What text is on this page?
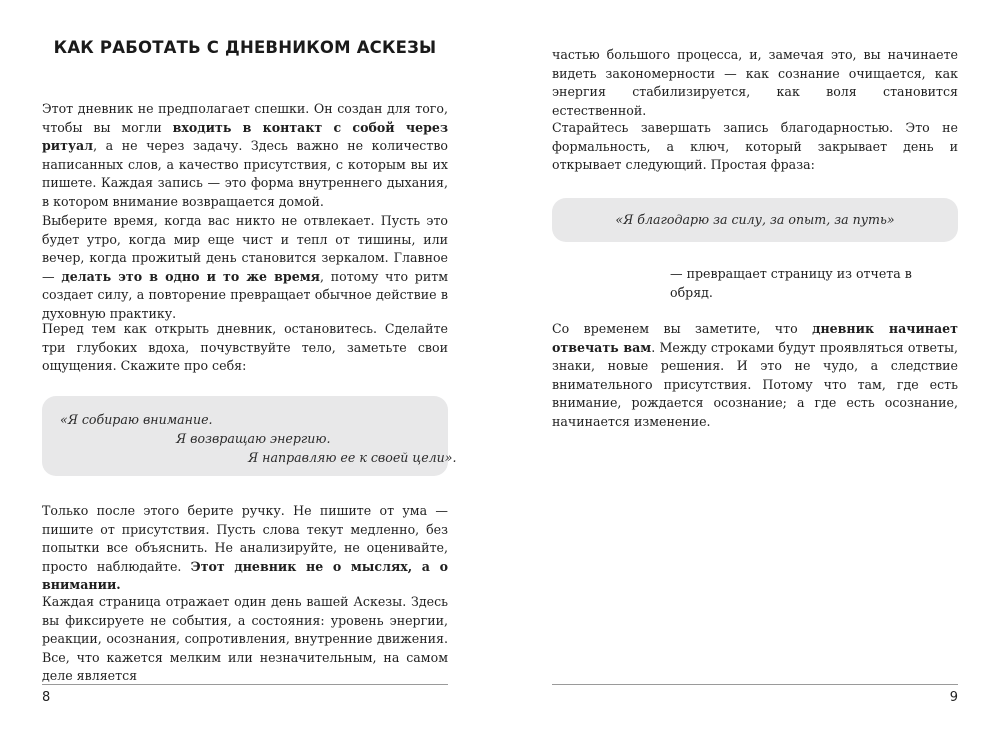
КАК РАБОТАТЬ С ДНЕВНИКОМ АСКЕЗЫ

Этот дневник не предполагает спешки. Он создан для того, чтобы вы могли входить в контакт с собой через ритуал, а не через задачу. Здесь важно не количество написанных слов, а качество присутствия, с которым вы их пишете. Каждая запись — это форма внутреннего дыхания, в котором внимание возвращается домой.

Выберите время, когда вас никто не отвлекает. Пусть это будет утро, когда мир еще чист и тепл от тишины, или вечер, когда прожитый день становится зеркалом. Главное — делать это в одно и то же время, потому что ритм создает силу, а повторение превращает обычное действие в духовную практику.

Перед тем как открыть дневник, остановитесь. Сделайте три глубоких вдоха, почувствуйте тело, заметьте свои ощущения. Скажите про себя:

«Я собираю внимание.
Я возвращаю энергию.
Я направляю ее к своей цели».

Только после этого берите ручку. Не пишите от ума — пишите от присутствия. Пусть слова текут медленно, без попытки все объяснить. Не анализируйте, не оценивайте, просто наблюдайте. Этот дневник не о мыслях, а о внимании.

Каждая страница отражает один день вашей Аскезы. Здесь вы фиксируете не события, а состояния: уровень энергии, реакции, осознания, сопротивления, внутренние движения. Все, что кажется мелким или незначительным, на самом деле является

8

частью большого процесса, и, замечая это, вы начинаете видеть закономерности — как сознание очищается, как энергия стабилизируется, как воля становится естественной.

Старайтесь завершать запись благодарностью. Это не формальность, а ключ, который закрывает день и открывает следующий. Простая фраза:

«Я благодарю за силу, за опыт, за путь»

— превращает страницу из отчета в обряд.

Со временем вы заметите, что дневник начинает отвечать вам. Между строками будут проявляться ответы, знаки, новые решения. И это не чудо, а следствие внимательного присутствия. Потому что там, где есть внимание, рождается осознание; а где есть осознание, начинается изменение.

9
